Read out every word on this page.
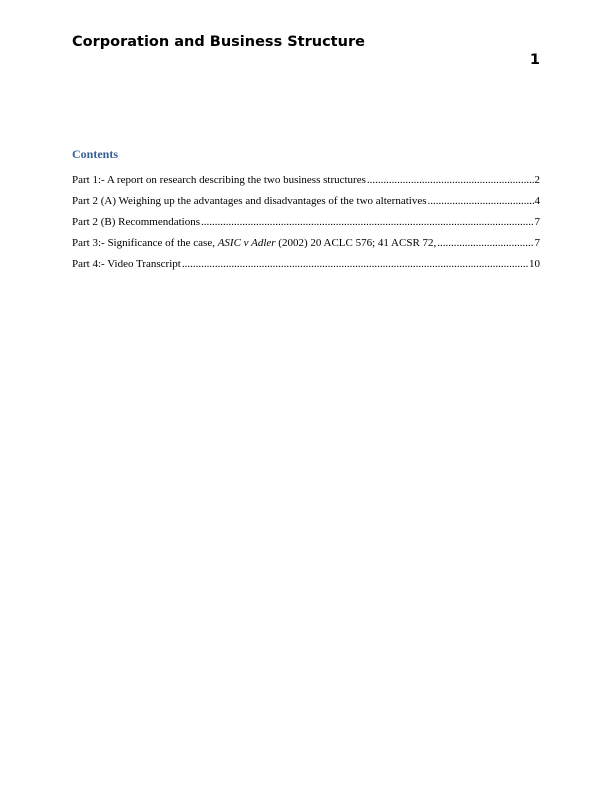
Corporation and Business Structure
1
Contents
Part 1:- A report on research describing the two business structures .....	2
Part 2 (A) Weighing up the advantages and disadvantages of the two alternatives .....	4
Part 2 (B) Recommendations .....	7
Part 3:- Significance of the case, ASIC v Adler (2002) 20 ACLC 576; 41 ACSR 72, .....	7
Part 4:- Video Transcript .....	10
